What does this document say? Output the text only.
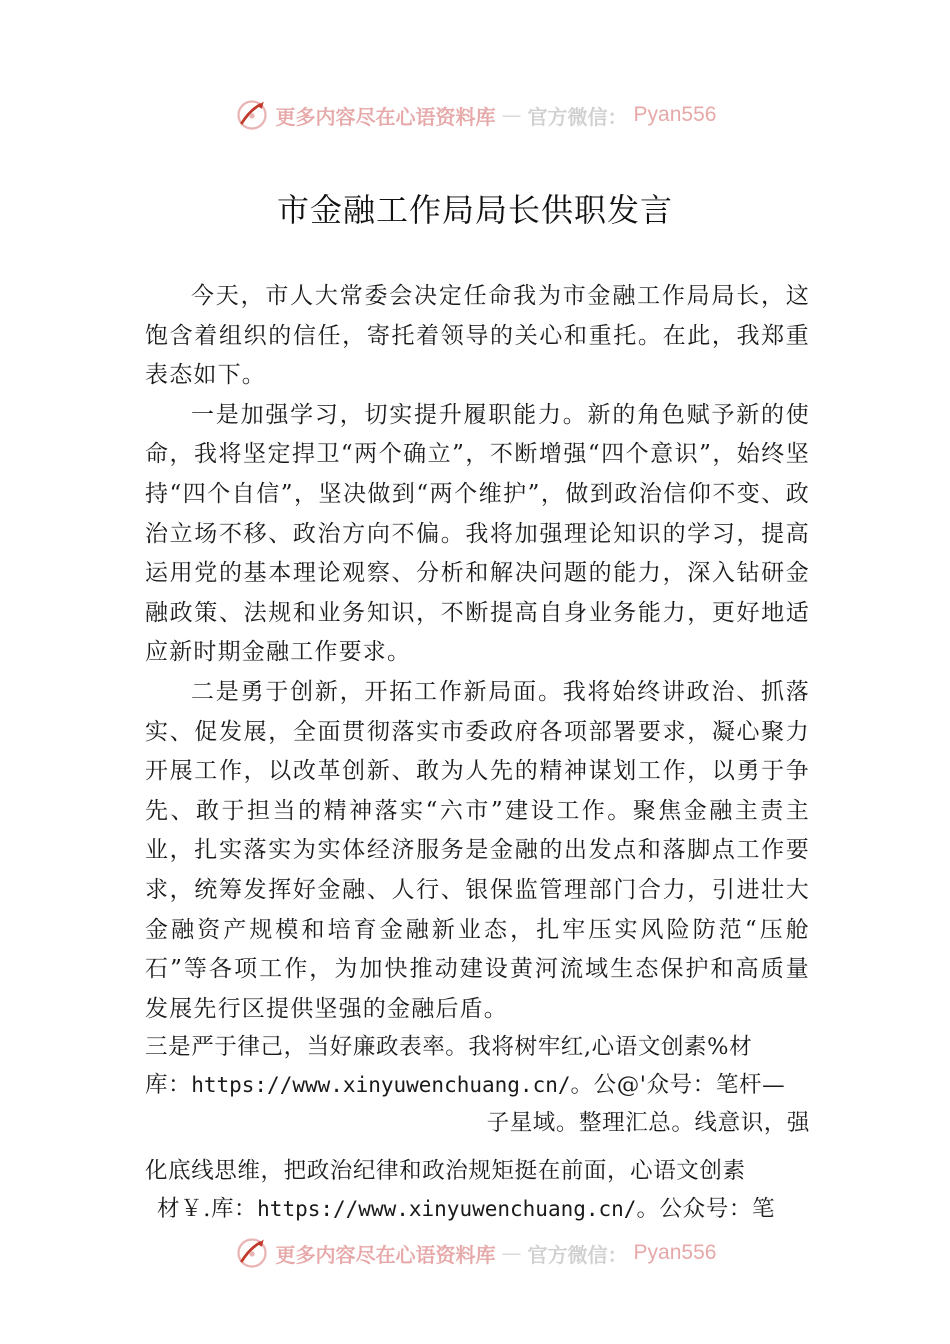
更多内容尽在心语资料库 — 官方微信： Pyan556
市金融工作局局长供职发言

今天，市人大常委会决定任命我为市金融工作局局长，这饱含着组织的信任，寄托着领导的关心和重托。在此，我郑重表态如下。

一是加强学习，切实提升履职能力。新的角色赋予新的使命，我将坚定捍卫“两个确立”，不断增强“四个意识”，始终坚持“四个自信”，坚决做到“两个维护”，做到政治信仰不变、政治立场不移、政治方向不偏。我将加强理论知识的学习，提高运用党的基本理论观察、分析和解决问题的能力，深入钻研金融政策、法规和业务知识，不断提高自身业务能力，更好地适应新时期金融工作要求。

二是勇于创新，开拓工作新局面。我将始终讲政治、抓落实、促发展，全面贯彻落实市委政府各项部署要求，凝心聚力开展工作，以改革创新、敢为人先的精神谋划工作，以勇于争先、敢于担当的精神落实“六市”建设工作。聚焦金融主责主业，扎实落实为实体经济服务是金融的出发点和落脚点工作要求，统筹发挥好金融、人行、银保监管理部门合力，引进壮大金融资产规模和培育金融新业态，扎牢压实风险防范“压舱石”等各项工作，为加快推动建设黄河流域生态保护和高质量发展先行区提供坚强的金融后盾。

三是严于律己，当好廉政表率。我将树牢红,心语文创素%材

库：https://www.xinyuwenchuang.cn/。公@'众号：笔杆—

子星域。整理汇总。线意识，强

化底线思维，把政治纪律和政治规矩挺在前面，心语文创素

材￥.库：https://www.xinyuwenchuang.cn/。公众号：笔

更多内容尽在心语资料库 — 官方微信： Pyan556
